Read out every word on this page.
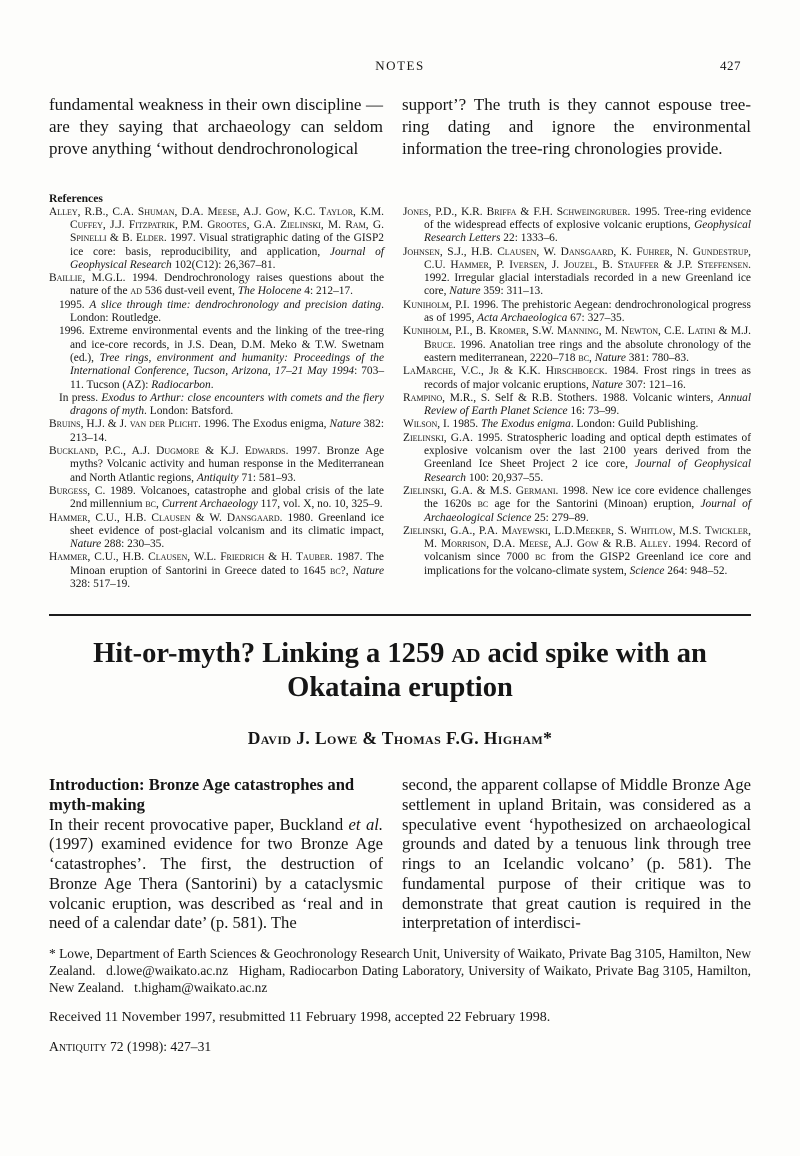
NOTES	427

fundamental weakness in their own discipline — are they saying that archaeology can seldom prove anything ‘without dendrochronological

support’? The truth is they cannot espouse tree-ring dating and ignore the environmental information the tree-ring chronologies provide.

References

Alley, R.B., C.A. Shuman, D.A. Meese, A.J. Gow, K.C. Taylor, K.M. Cuffey, J.J. Fitzpatrik, P.M. Grootes, G.A. Zielinski, M. Ram, G. Spinelli & B. Elder. 1997. Visual stratigraphic dating of the GISP2 ice core: basis, reproducibility, and application, Journal of Geophysical Research 102(C12): 26,367–81.

Baillie, M.G.L. 1994. Dendrochronology raises questions about the nature of the ad 536 dust-veil event, The Holocene 4: 212–17.

1995. A slice through time: dendrochronology and precision dating. London: Routledge.

1996. Extreme environmental events and the linking of the tree-ring and ice-core records, in J.S. Dean, D.M. Meko & T.W. Swetnam (ed.), Tree rings, environment and humanity: Proceedings of the International Conference, Tucson, Arizona, 17–21 May 1994: 703–11. Tucson (AZ): Radiocarbon.

In press. Exodus to Arthur: close encounters with comets and the fiery dragons of myth. London: Batsford.

Bruins, H.J. & J. van der Plicht. 1996. The Exodus enigma, Nature 382: 213–14.

Buckland, P.C., A.J. Dugmore & K.J. Edwards. 1997. Bronze Age myths? Volcanic activity and human response in the Mediterranean and North Atlantic regions, Antiquity 71: 581–93.

Burgess, C. 1989. Volcanoes, catastrophe and global crisis of the late 2nd millennium bc, Current Archaeology 117, vol. X, no. 10, 325–9.

Hammer, C.U., H.B. Clausen & W. Dansgaard. 1980. Greenland ice sheet evidence of post-glacial volcanism and its climatic impact, Nature 288: 230–35.

Hammer, C.U., H.B. Clausen, W.L. Friedrich & H. Tauber. 1987. The Minoan eruption of Santorini in Greece dated to 1645 bc?, Nature 328: 517–19.

Jones, P.D., K.R. Briffa & F.H. Schweingruber. 1995. Tree-ring evidence of the widespread effects of explosive volcanic eruptions, Geophysical Research Letters 22: 1333–6.

Johnsen, S.J., H.B. Clausen, W. Dansgaard, K. Fuhrer, N. Gundestrup, C.U. Hammer, P. Iversen, J. Jouzel, B. Stauffer & J.P. Steffensen. 1992. Irregular glacial interstadials recorded in a new Greenland ice core, Nature 359: 311–13.

Kuniholm, P.I. 1996. The prehistoric Aegean: dendrochronological progress as of 1995, Acta Archaeologica 67: 327–35.

Kuniholm, P.I., B. Kromer, S.W. Manning, M. Newton, C.E. Latini & M.J. Bruce. 1996. Anatolian tree rings and the absolute chronology of the eastern mediterranean, 2220–718 bc, Nature 381: 780–83.

LaMarche, V.C., Jr & K.K. Hirschboeck. 1984. Frost rings in trees as records of major volcanic eruptions, Nature 307: 121–16.

Rampino, M.R., S. Self & R.B. Stothers. 1988. Volcanic winters, Annual Review of Earth Planet Science 16: 73–99.

Wilson, I. 1985. The Exodus enigma. London: Guild Publishing.

Zielinski, G.A. 1995. Stratospheric loading and optical depth estimates of explosive volcanism over the last 2100 years derived from the Greenland Ice Sheet Project 2 ice core, Journal of Geophysical Research 100: 20,937–55.

Zielinski, G.A. & M.S. Germani. 1998. New ice core evidence challenges the 1620s bc age for the Santorini (Minoan) eruption, Journal of Archaeological Science 25: 279–89.

Zielinski, G.A., P.A. Mayewski, L.D.Meeker, S. Whitlow, M.S. Twickler, M. Morrison, D.A. Meese, A.J. Gow & R.B. Alley. 1994. Record of volcanism since 7000 bc from the GISP2 Greenland ice core and implications for the volcano-climate system, Science 264: 948–52.

Hit-or-myth? Linking a 1259 ad acid spike with an
Okataina eruption

David J. Lowe & Thomas F.G. Higham*

Introduction: Bronze Age catastrophes and myth-making

In their recent provocative paper, Buckland et al. (1997) examined evidence for two Bronze Age ‘catastrophes’. The first, the destruction of Bronze Age Thera (Santorini) by a cataclysmic volcanic eruption, was described as ‘real and in need of a calendar date’ (p. 581). The

second, the apparent collapse of Middle Bronze Age settlement in upland Britain, was considered as a speculative event ‘hypothesized on archaeological grounds and dated by a tenuous link through tree rings to an Icelandic volcano’ (p. 581). The fundamental purpose of their critique was to demonstrate that great caution is required in the interpretation of interdisci-

* Lowe, Department of Earth Sciences & Geochronology Research Unit, University of Waikato, Private Bag 3105, Hamilton, New Zealand.  d.lowe@waikato.ac.nz  Higham, Radiocarbon Dating Laboratory, University of Waikato, Private Bag 3105, Hamilton, New Zealand.  t.higham@waikato.ac.nz

Received 11 November 1997, resubmitted 11 February 1998, accepted 22 February 1998.

Antiquity 72 (1998): 427–31
